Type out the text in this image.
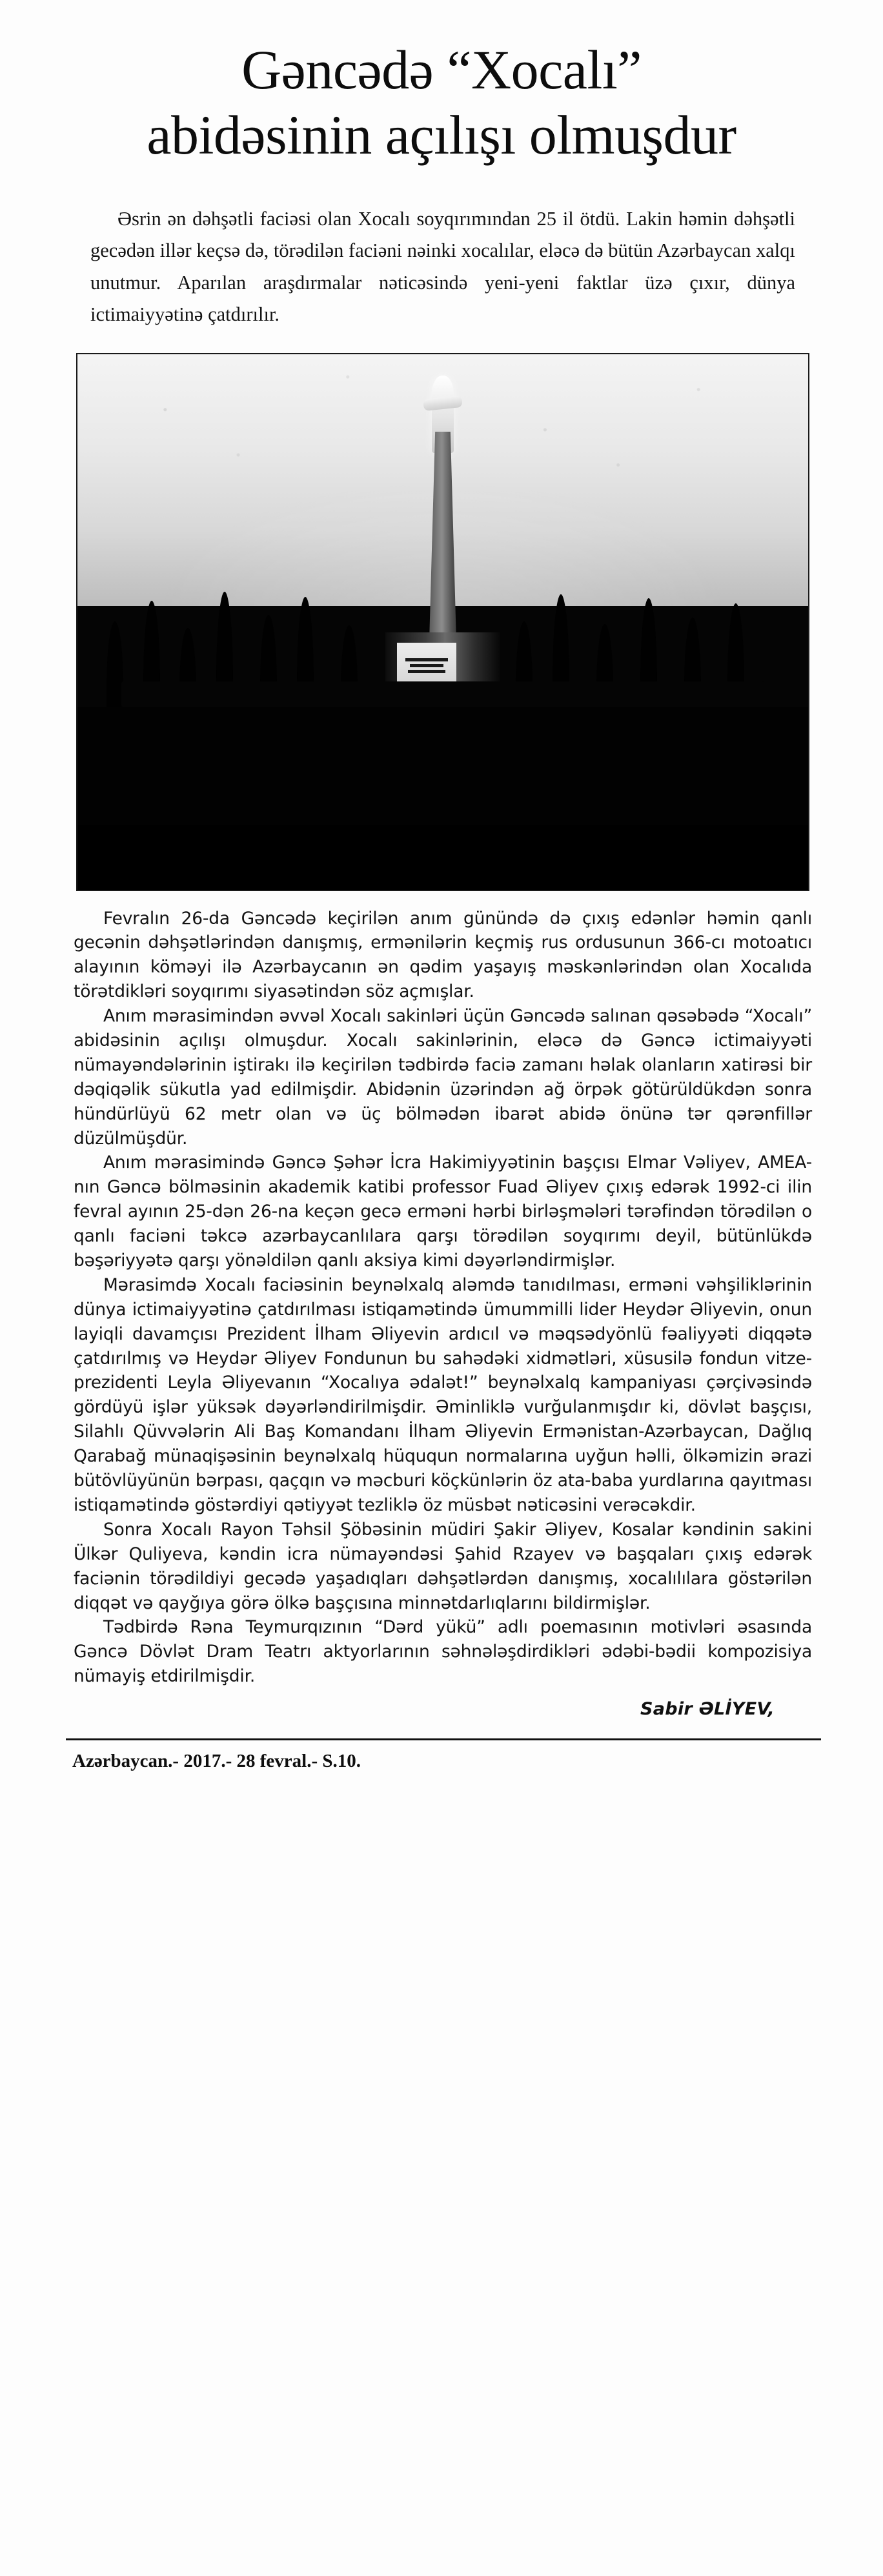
Gəncədə “Xocalı”
abidəsinin açılışı olmuşdur

Əsrin ən dəhşətli faciəsi olan Xocalı soyqırımından 25 il ötdü. Lakin həmin dəhşətli gecədən illər keçsə də, törədilən faciəni nəinki xocalılar, eləcə də bütün Azərbaycan xalqı unutmur. Aparılan araşdırmalar nəticəsində yeni-yeni faktlar üzə çıxır, dünya ictimaiyyətinə çatdırılır.

Fevralın 26-da Gəncədə keçirilən anım günündə də çıxış edənlər həmin qanlı gecənin dəhşətlərindən danışmış, ermənilərin keçmiş rus ordusunun 366-cı motoatıcı alayının köməyi ilə Azərbaycanın ən qədim yaşayış məskənlərindən olan Xocalıda törətdikləri soyqırımı siyasətindən söz açmışlar.

Anım mərasimindən əvvəl Xocalı sakinləri üçün Gəncədə salınan qəsəbədə “Xocalı” abidəsinin açılışı olmuşdur. Xocalı sakinlərinin, eləcə də Gəncə ictimaiyyəti nümayəndələrinin iştirakı ilə keçirilən tədbirdə faciə zamanı həlak olanların xatirəsi bir dəqiqəlik sükutla yad edilmişdir. Abidənin üzərindən ağ örpək götürüldükdən sonra hündürlüyü 62 metr olan və üç bölmədən ibarət abidə önünə tər qərənfillər düzülmüşdür.

Anım mərasimində Gəncə Şəhər İcra Hakimiyyətinin başçısı Elmar Vəliyev, AMEA-nın Gəncə bölməsinin akademik katibi professor Fuad Əliyev çıxış edərək 1992-ci ilin fevral ayının 25-dən 26-na keçən gecə erməni hərbi birləşmələri tərəfindən törədilən o qanlı faciəni təkcə azərbaycanlılara qarşı törədilən soyqırımı deyil, bütünlükdə bəşəriyyətə qarşı yönəldilən qanlı aksiya kimi dəyərləndirmişlər.

Mərasimdə Xocalı faciəsinin beynəlxalq aləmdə tanıdılması, erməni vəhşiliklərinin dünya ictimaiyyətinə çatdırılması istiqamətində ümummilli lider Heydər Əliyevin, onun layiqli davamçısı Prezident İlham Əliyevin ardıcıl və məqsədyönlü fəaliyyəti diqqətə çatdırılmış və Heydər Əliyev Fondunun bu sahədəki xidmətləri, xüsusilə fondun vitze-prezidenti Leyla Əliyevanın “Xocalıya ədalət!” beynəlxalq kampaniyası çərçivəsində gördüyü işlər yüksək dəyərləndirilmişdir. Əminliklə vurğulanmışdır ki, dövlət başçısı, Silahlı Qüvvələrin Ali Baş Komandanı İlham Əliyevin Ermənistan-Azərbaycan, Dağlıq Qarabağ münaqişəsinin beynəlxalq hüququn normalarına uyğun həlli, ölkəmizin ərazi bütövlüyünün bərpası, qaçqın və məcburi köçkünlərin öz ata-baba yurdlarına qayıtması istiqamətində göstərdiyi qətiyyət tezliklə öz müsbət nəticəsini verəcəkdir.

Sonra Xocalı Rayon Təhsil Şöbəsinin müdiri Şakir Əliyev, Kosalar kəndinin sakini Ülkər Quliyeva, kəndin icra nümayəndəsi Şahid Rzayev və başqaları çıxış edərək faciənin törədildiyi gecədə yaşadıqları dəhşətlərdən danışmış, xocalılılara göstərilən diqqət və qayğıya görə ölkə başçısına minnətdarlıqlarını bildirmişlər.

Tədbirdə Rəna Teymurqızının “Dərd yükü” adlı poemasının motivləri əsasında Gəncə Dövlət Dram Teatrı aktyorlarının səhnələşdirdikləri ədəbi-bədii kompozisiya nümayiş etdirilmişdir.

Sabir ƏLİYEV,
Azərbaycan.- 2017.- 28 fevral.- S.10.
